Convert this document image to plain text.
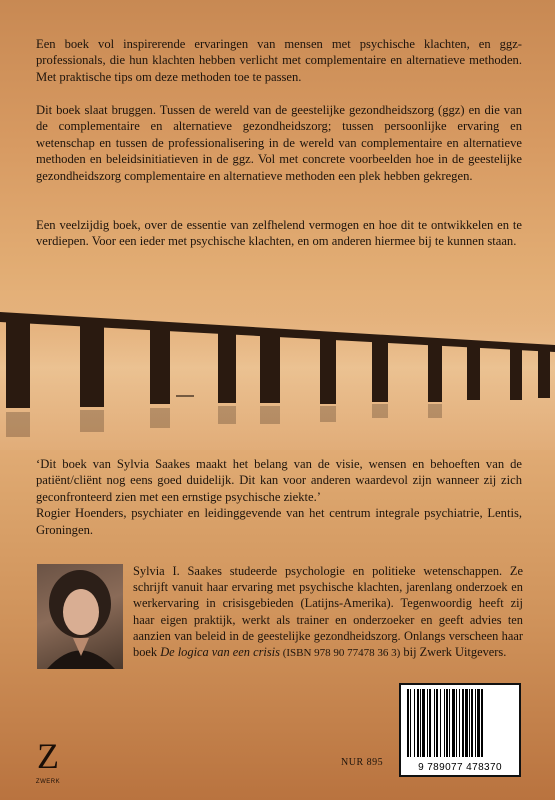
Een boek vol inspirerende ervaringen van mensen met psychische klachten, en ggz-professionals, die hun klachten hebben verlicht met complementaire en alternatieve methoden. Met praktische tips om deze methoden toe te passen.
Dit boek slaat bruggen. Tussen de wereld van de geestelijke gezondheidszorg (ggz) en die van de complementaire en alternatieve gezondheidszorg; tussen persoonlijke ervaring en wetenschap en tussen de professionalisering in de wereld van complementaire en alternatieve methoden en beleidsinitiatieven in de ggz. Vol met concrete voorbeelden hoe in de geestelijke gezondheidszorg complementaire en alternatieve methoden een plek hebben gekregen.
Een veelzijdig boek, over de essentie van zelfhelend vermogen en hoe dit te ontwikkelen en te verdiepen. Voor een ieder met psychische klachten, en om anderen hiermee bij te kunnen staan.
‘Dit boek van Sylvia Saakes maakt het belang van de visie, wensen en behoeften van de patiënt/cliënt nog eens goed duidelijk. Dit kan voor anderen waardevol zijn wanneer zij zich geconfronteerd zien met een ernstige psychische ziekte.’
Rogier Hoenders, psychiater en leidinggevende van het centrum integrale psychiatrie, Lentis, Groningen.
Sylvia I. Saakes studeerde psychologie en politieke wetenschappen. Ze schrijft vanuit haar ervaring met psychische klachten, jarenlang onderzoek en werkervaring in crisisgebieden (Latijns-Amerika). Tegenwoordig heeft zij haar eigen praktijk, werkt als trainer en onderzoeker en geeft advies ten aanzien van beleid in de geestelijke gezondheidszorg. Onlangs verscheen haar boek De logica van een crisis (ISBN 978 90 77478 36 3) bij Zwerk Uitgevers.
Z
ZWERK
NUR 895	9 789077 478370
